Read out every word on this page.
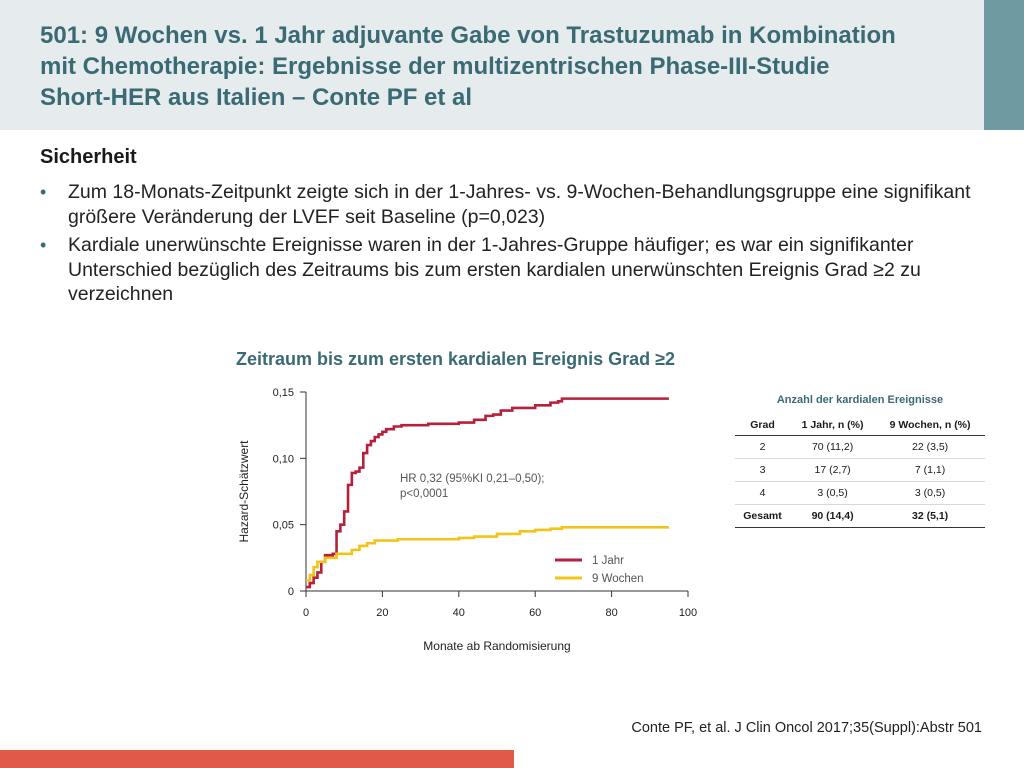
501: 9 Wochen vs. 1 Jahr adjuvante Gabe von Trastuzumab in Kombination
mit Chemotherapie: Ergebnisse der multizentrischen Phase-III-Studie
Short-HER aus Italien – Conte PF et al
Sicherheit
• Zum 18-Monats-Zeitpunkt zeigte sich in der 1-Jahres- vs. 9-Wochen-Behandlungsgruppe eine signifikant größere Veränderung der LVEF seit Baseline (p=0,023)
• Kardiale unerwünschte Ereignisse waren in der 1-Jahres-Gruppe häufiger; es war ein signifikanter Unterschied bezüglich des Zeitraums bis zum ersten kardialen unerwünschten Ereignis Grad ≥2 zu verzeichnen
Zeitraum bis zum ersten kardialen Ereignis Grad ≥2
0
0,05
0,10
0,15
0	20	40	60	80	100
Monate ab Randomisierung
Hazard-Schätzwert	HR 0,32 (95%KI 0,21–0,50);
p<0,0001
1 Jahr
9 Wochen
Anzahl der kardialen Ereignisse
Grad	1 Jahr, n (%)	9 Wochen, n (%)
2	70 (11,2)	22 (3,5)
3	17 (2,7)	7 (1,1)
4	3 (0,5)	3 (0,5)
Gesamt	90 (14,4)	32 (5,1)
Conte PF, et al. J Clin Oncol 2017;35(Suppl):Abstr 501
